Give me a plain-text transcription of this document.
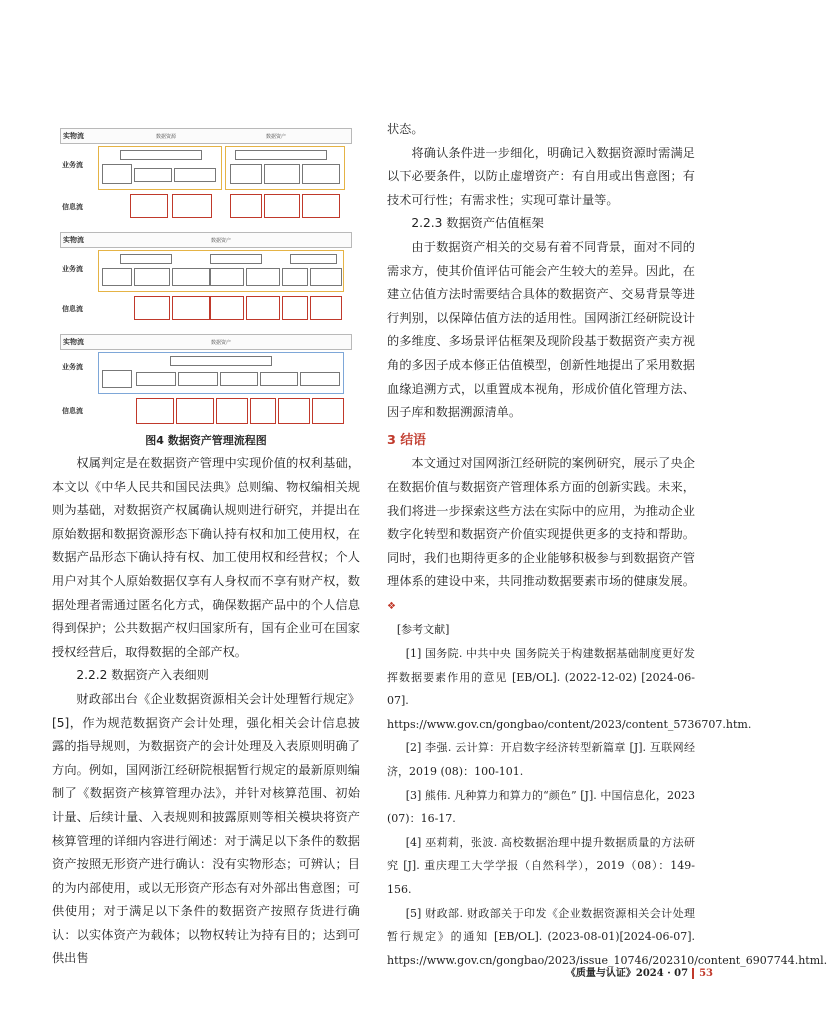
实物流	数据资源	数据资产
业务流
信息流
实物流	数据资产
业务流
信息流
实物流	数据资产
业务流
信息流
图4 数据资产管理流程图

权属判定是在数据资产管理中实现价值的权利基础，本文以《中华人民共和国民法典》总则编、物权编相关规则为基础，对数据资产权属确认规则进行研究，并提出在原始数据和数据资源形态下确认持有权和加工使用权，在数据产品形态下确认持有权、加工使用权和经营权；个人用户对其个人原始数据仅享有人身权而不享有财产权，数据处理者需通过匿名化方式，确保数据产品中的个人信息得到保护；公共数据产权归国家所有，国有企业可在国家授权经营后，取得数据的全部产权。

2.2.2 数据资产入表细则

财政部出台《企业数据资源相关会计处理暂行规定》[5]，作为规范数据资产会计处理，强化相关会计信息披露的指导规则，为数据资产的会计处理及入表原则明确了方向。例如，国网浙江经研院根据暂行规定的最新原则编制了《数据资产核算管理办法》，并针对核算范围、初始计量、后续计量、入表规则和披露原则等相关模块将资产核算管理的详细内容进行阐述：对于满足以下条件的数据资产按照无形资产进行确认：没有实物形态；可辨认；目的为内部使用，或以无形资产形态有对外部出售意图；可供使用；对于满足以下条件的数据资产按照存货进行确认：以实体资产为载体；以物权转让为持有目的；达到可供出售

状态。

将确认条件进一步细化，明确记入数据资源时需满足以下必要条件，以防止虚增资产：有自用或出售意图；有技术可行性；有需求性；实现可靠计量等。

2.2.3 数据资产估值框架

由于数据资产相关的交易有着不同背景，面对不同的需求方，使其价值评估可能会产生较大的差异。因此，在建立估值方法时需要结合具体的数据资产、交易背景等进行判别，以保障估值方法的适用性。国网浙江经研院设计的多维度、多场景评估框架及现阶段基于数据资产卖方视角的多因子成本修正估值模型，创新性地提出了采用数据血缘追溯方式，以重置成本视角，形成价值化管理方法、因子库和数据溯源清单。

3 结语

本文通过对国网浙江经研院的案例研究，展示了央企在数据价值与数据资产管理体系方面的创新实践。未来，我们将进一步探索这些方法在实际中的应用，为推动企业数字化转型和数据资产价值实现提供更多的支持和帮助。同时，我们也期待更多的企业能够积极参与到数据资产管理体系的建设中来，共同推动数据要素市场的健康发展。❖

[参考文献]

[1] 国务院. 中共中央 国务院关于构建数据基础制度更好发挥数据要素作用的意见 [EB/OL]. (2022-12-02) [2024-06-07]. https://www.gov.cn/gongbao/content/2023/content_5736707.htm.

[2] 李强. 云计算：开启数字经济转型新篇章 [J]. 互联网经济，2019 (08)：100-101.

[3] 熊伟. 凡种算力和算力的“颜色” [J]. 中国信息化，2023 (07)：16-17.

[4] 巫莉莉，张波. 高校数据治理中提升数据质量的方法研究 [J]. 重庆理工大学学报（自然科学），2019（08）：149-156.

[5] 财政部. 财政部关于印发《企业数据资源相关会计处理暂行规定》的通知 [EB/OL]. (2023-08-01)[2024-06-07]. https://www.gov.cn/gongbao/2023/issue_10746/202310/content_6907744.html.

《质量与认证》2024 · 07 53
